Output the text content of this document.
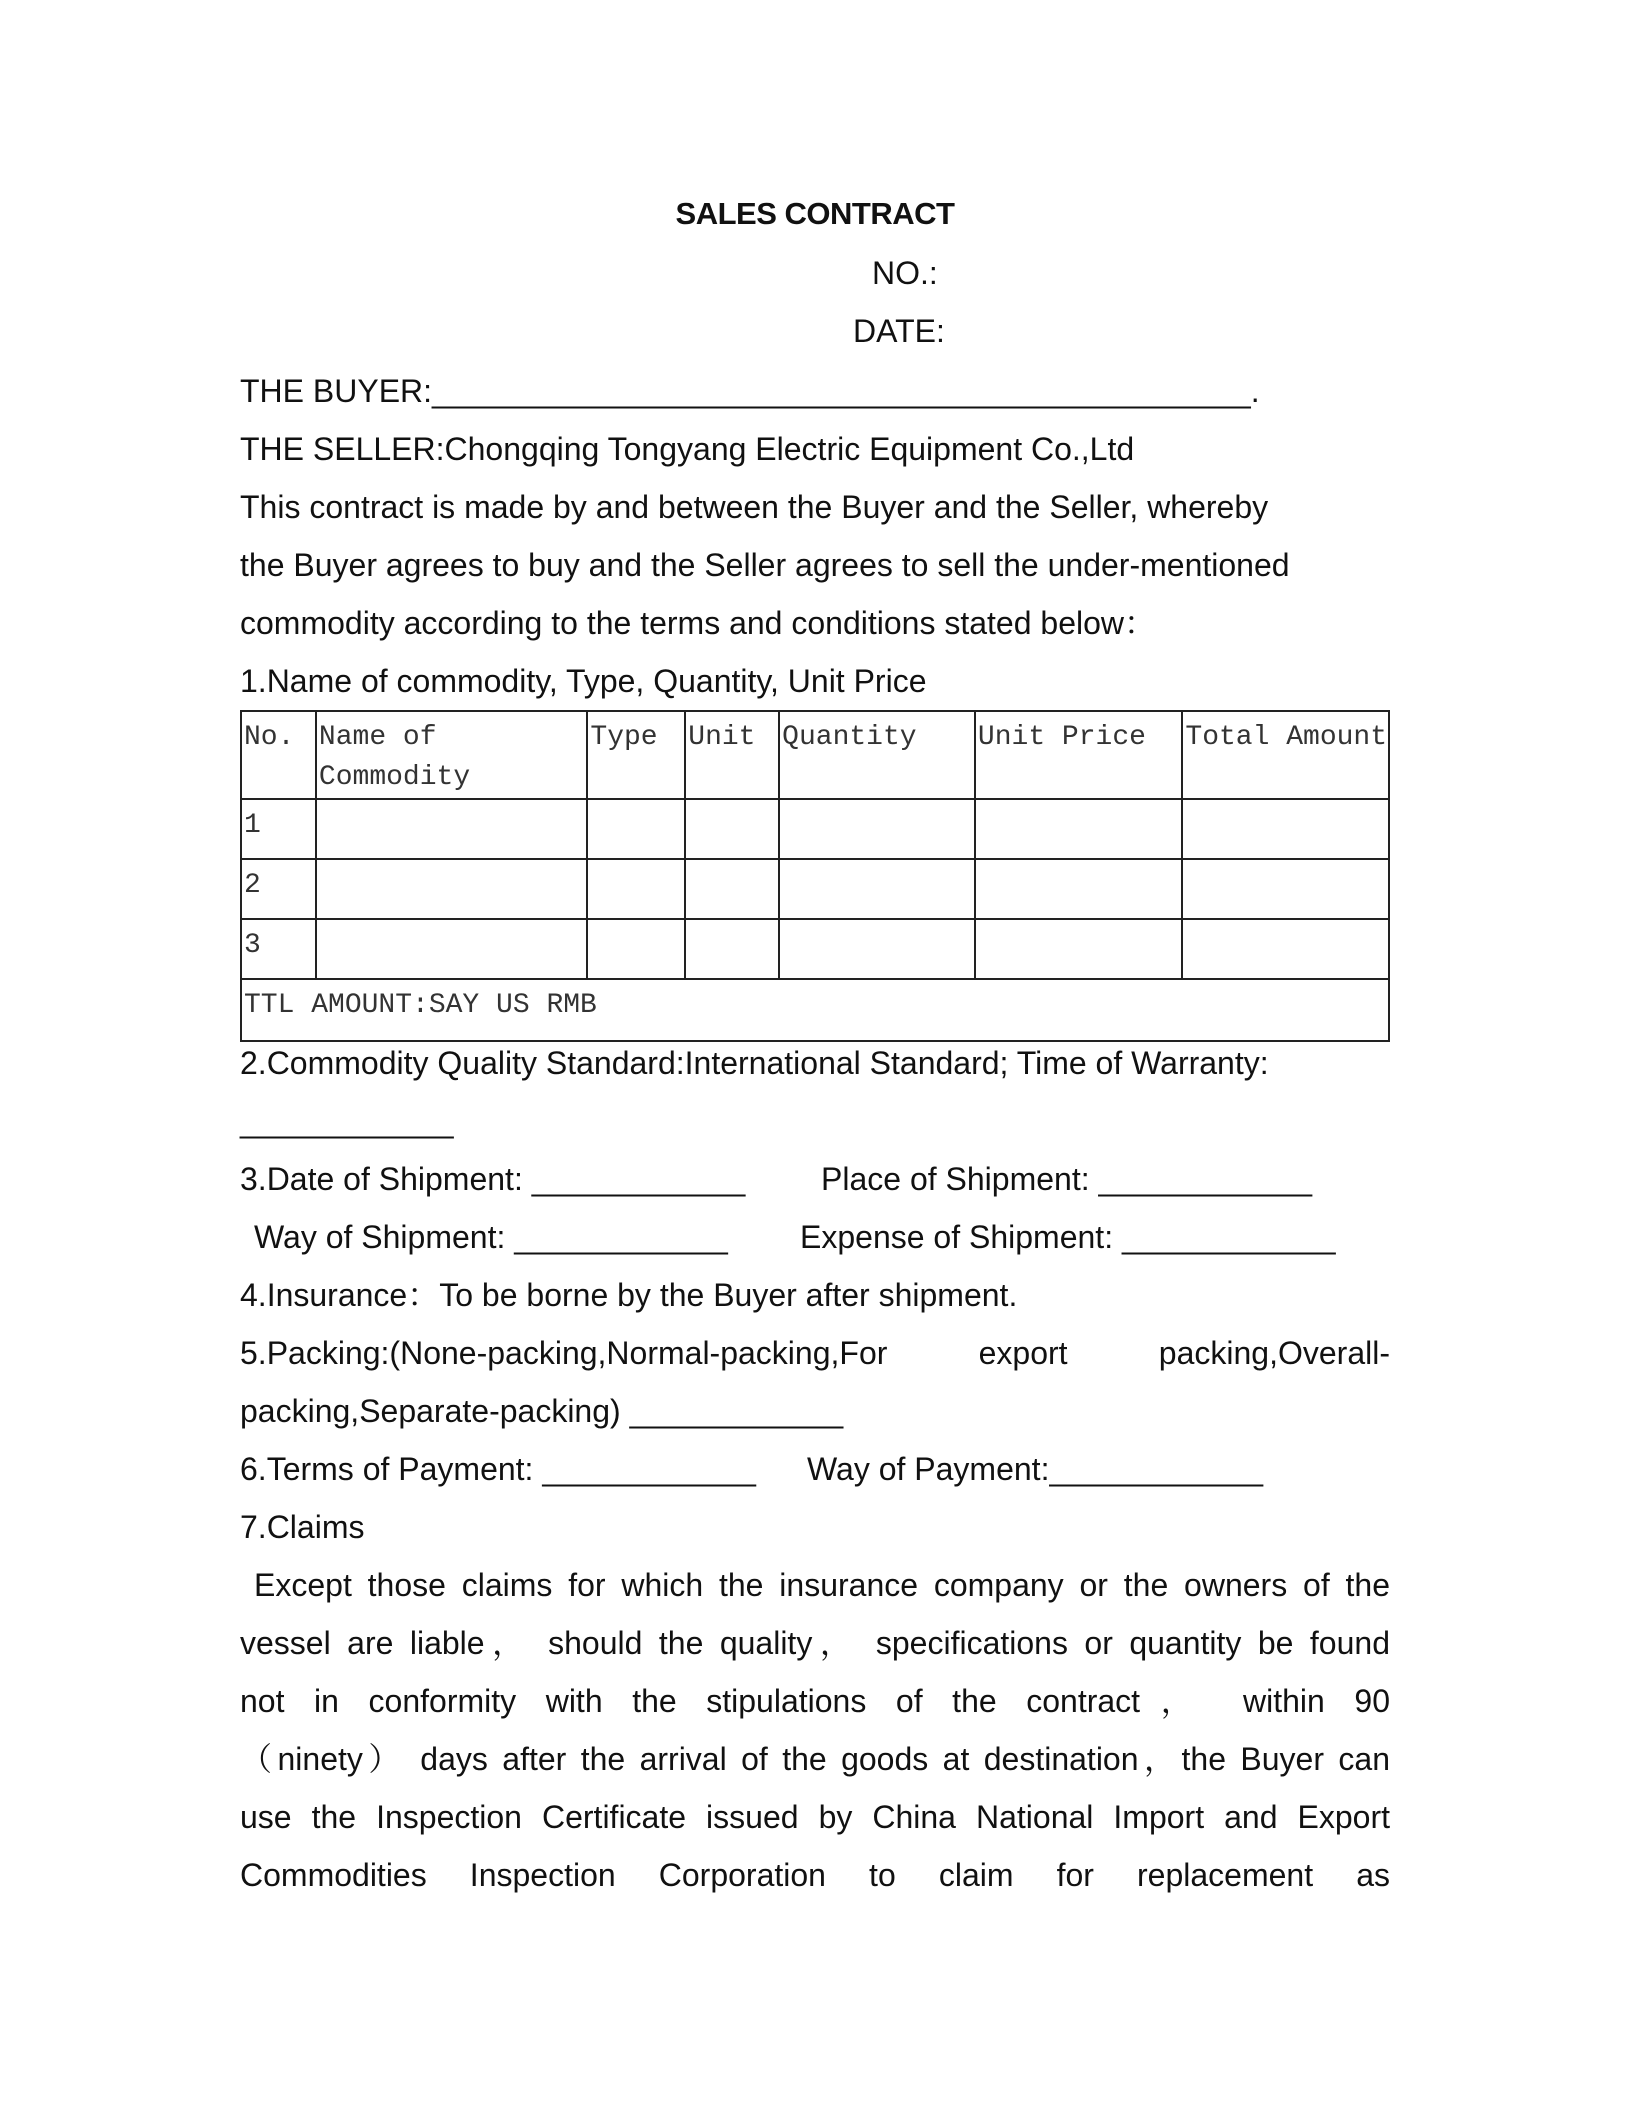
SALES CONTRACT
NO.:
DATE:
THE BUYER:______________________________________________.
THE SELLER:Chongqing Tongyang Electric Equipment Co.,Ltd
This contract is made by and between the Buyer and the Seller, whereby
the Buyer agrees to buy and the Seller agrees to sell the under-mentioned
commodity according to the terms and conditions stated below：
1.Name of commodity, Type, Quantity, Unit Price
No.	Name of Commodity	Type	Unit	Quantity	Unit Price	Total Amount
1						
2						
3						
TTL AMOUNT:SAY US RMB						
2.Commodity Quality Standard:International Standard; Time of Warranty:
____________
3.Date of Shipment: ____________ Place of Shipment: ____________
Way of Shipment: ____________ Expense of Shipment: ____________
4.Insurance：To be borne by the Buyer after shipment.
5.Packing:(None-packing,Normal-packing,For export packing,Overall-
packing,Separate-packing) ____________
6.Terms of Payment: ____________ Way of Payment:____________
7.Claims
Except those claims for which the insurance company or the owners of the
vessel are liable， should the quality， specifications or quantity be found
not in conformity with the stipulations of the contract， within 90
（ninety） days after the arrival of the goods at destination，the Buyer can
use the Inspection Certificate issued by China National Import and Export
Commodities Inspection Corporation to claim for replacement as
